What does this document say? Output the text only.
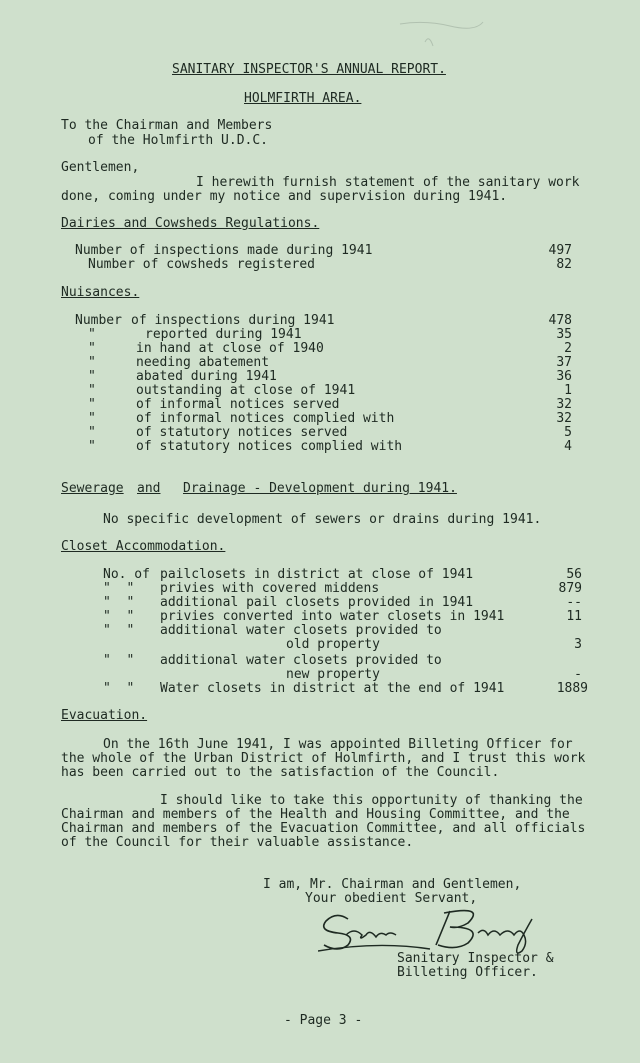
SANITARY INSPECTOR'S ANNUAL REPORT.
HOLMFIRTH AREA.
To the Chairman and Members
of the Holmfirth U.D.C.
Gentlemen,
I herewith furnish statement of the sanitary work
done, coming under my notice and supervision during 1941.
Dairies and Cowsheds Regulations.
Number of inspections made during 1941	497
Number of cowsheds registered	82
Nuisances.
Number of inspections during 1941	478
"	reported during 1941	35
"	in hand at close of 1940	2
"	needing abatement	37
"	abated during 1941	36
"	outstanding at close of 1941	1
"	of informal notices served	32
"	of informal notices complied with	32
"	of statutory notices served	5
"	of statutory notices complied with	4
Sewerage and Drainage - Development during 1941.
No specific development of sewers or drains during 1941.
Closet Accommodation.
No. of pailclosets in district at close of 1941	56
"  " privies with covered middens	879
"  " additional pail closets provided in 1941	--
"  " privies converted into water closets in 1941	11
"  " additional water closets provided to
old property	3
"  " additional water closets provided to
new property	-
"  " Water closets in district at the end of 1941	1889
Evacuation.
On the 16th June 1941, I was appointed Billeting Officer for
the whole of the Urban District of Holmfirth, and I trust this work
has been carried out to the satisfaction of the Council.
I should like to take this opportunity of thanking the
Chairman and members of the Health and Housing Committee, and the
Chairman and members of the Evacuation Committee, and all officials
of the Council for their valuable assistance.
I am, Mr. Chairman and Gentlemen,
Your obedient Servant,
Sanitary Inspector &
Billeting Officer.
- Page 3 -
